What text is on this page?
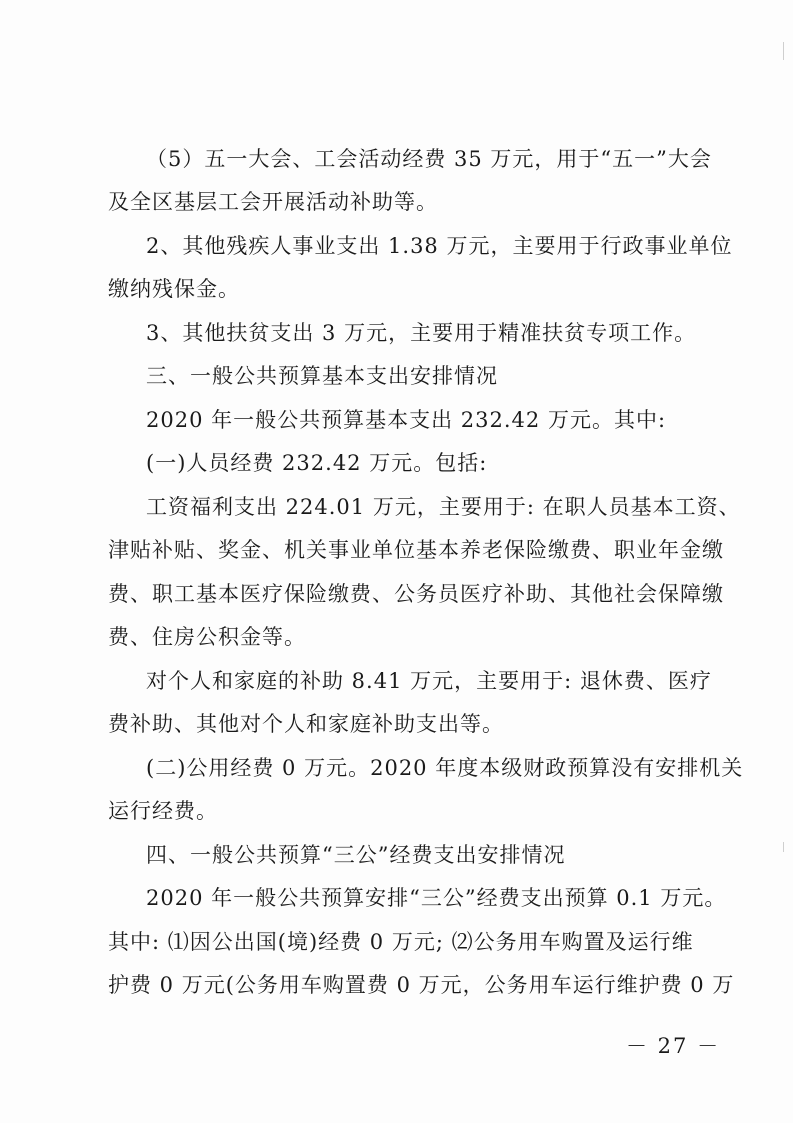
（5）五一大会、工会活动经费 35 万元，用于“五一”大会
及全区基层工会开展活动补助等。
2、其他残疾人事业支出 1.38 万元，主要用于行政事业单位
缴纳残保金。
3、其他扶贫支出 3 万元，主要用于精准扶贫专项工作。
三、一般公共预算基本支出安排情况
2020 年一般公共预算基本支出 232.42 万元。其中:
(一)人员经费 232.42 万元。包括:
工资福利支出 224.01 万元，主要用于: 在职人员基本工资、
津贴补贴、奖金、机关事业单位基本养老保险缴费、职业年金缴
费、职工基本医疗保险缴费、公务员医疗补助、其他社会保障缴
费、住房公积金等。
对个人和家庭的补助 8.41 万元，主要用于: 退休费、医疗
费补助、其他对个人和家庭补助支出等。
(二)公用经费 0 万元。2020 年度本级财政预算没有安排机关
运行经费。
四、一般公共预算“三公”经费支出安排情况
2020 年一般公共预算安排“三公”经费支出预算 0.1 万元。
其中: ⑴因公出国(境)经费 0 万元; ⑵公务用车购置及运行维
护费 0 万元(公务用车购置费 0 万元，公务用车运行维护费 0 万
－ 27 －
